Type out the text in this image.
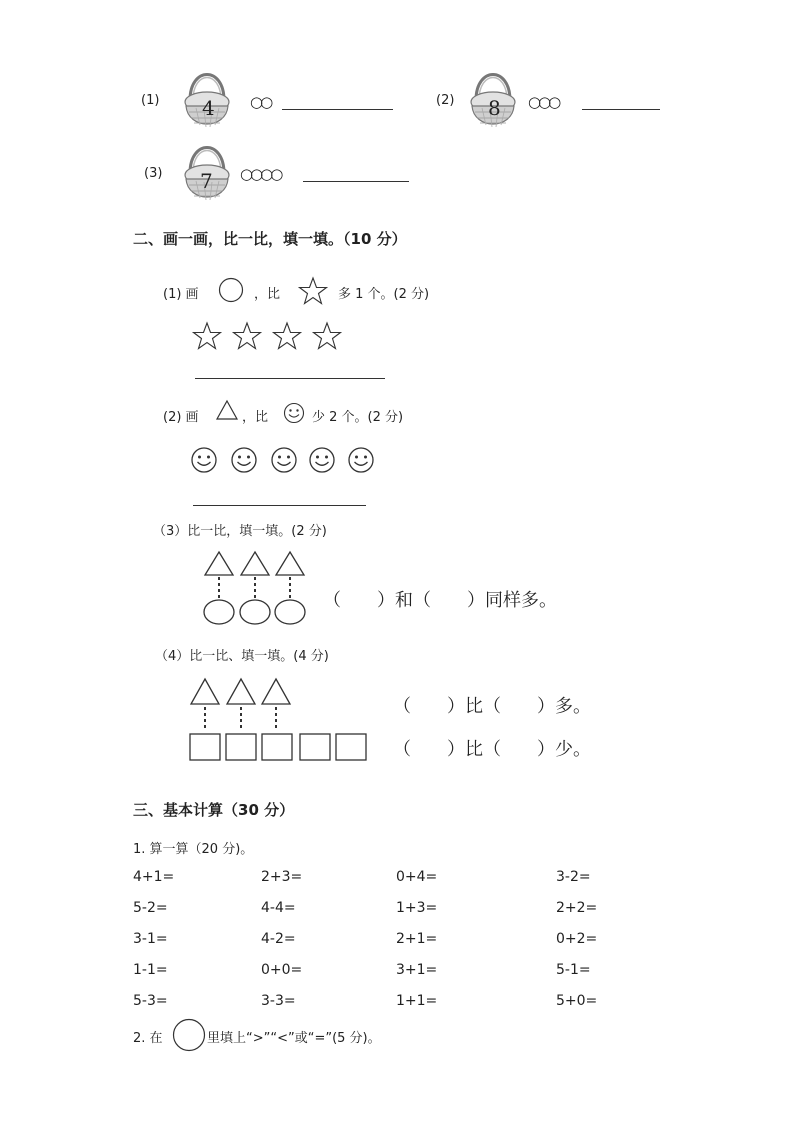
(1) 4 ○○	(2) 8 ○○○
(3) 7 ○○○○
二、画一画，比一比，填一填。（10 分）
(1) 画	，比	多 1 个。(2 分)
(2) 画	，比	少 2 个。(2 分)
（3）比一比，填一填。(2 分)
（　　）和（　　）同样多。
（4）比一比、填一填。(4 分)
（　　）比（　　）多。
（　　）比（　　）少。
三、基本计算（30 分）
1. 算一算（20 分)。
4+1=	2+3=	0+4=	3-2=
5-2=	4-4=	1+3=	2+2=
3-1=	4-2=	2+1=	0+2=
1-1=	0+0=	3+1=	5-1=
5-3=	3-3=	1+1=	5+0=
2. 在	里填上“>”“<”或“=”(5 分)。
